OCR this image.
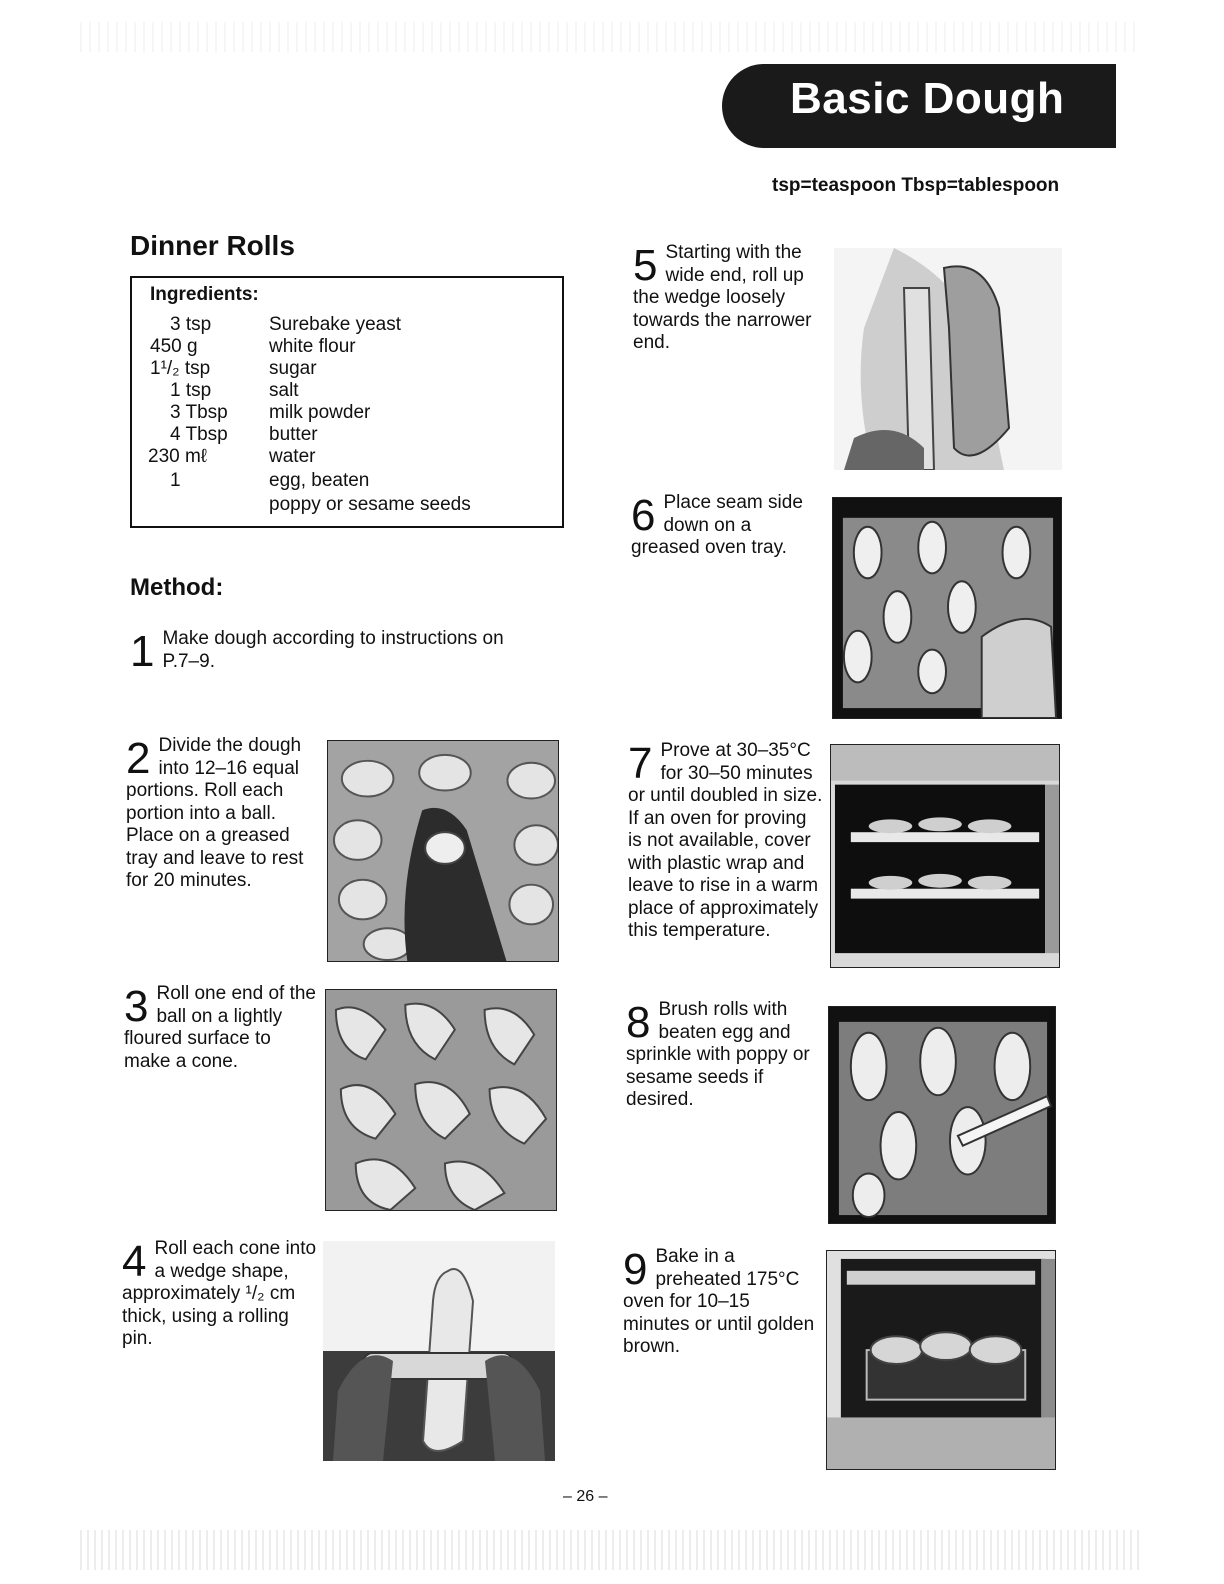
Basic Dough
tsp=teaspoon Tbsp=tablespoon
Dinner Rolls
Ingredients:
3 tsp	Surebake yeast
450 g	white flour
1¹/₂ tsp	sugar
1 tsp	salt
3 Tbsp milk powder
4 Tbsp butter
230 mℓ	water
1	egg, beaten
poppy or sesame seeds
Method:
1 Make dough according to instructions on P.7–9.
2 Divide the dough into 12–16 equal portions. Roll each portion into a ball. Place on a greased tray and leave to rest for 20 minutes.
3 Roll one end of the ball on a lightly floured surface to make a cone.
4 Roll each cone into a wedge shape, approximately ¹/₂ cm thick, using a rolling pin.
5 Starting with the wide end, roll up the wedge loosely towards the narrower end.
6 Place seam side down on a greased oven tray.
7 Prove at 30–35°C for 30–50 minutes or until doubled in size. If an oven for proving is not available, cover with plastic wrap and leave to rise in a warm place of approximately this temperature.
8 Brush rolls with beaten egg and sprinkle with poppy or sesame seeds if desired.
9 Bake in a preheated 175°C oven for 10–15 minutes or until golden brown.
– 26 –
